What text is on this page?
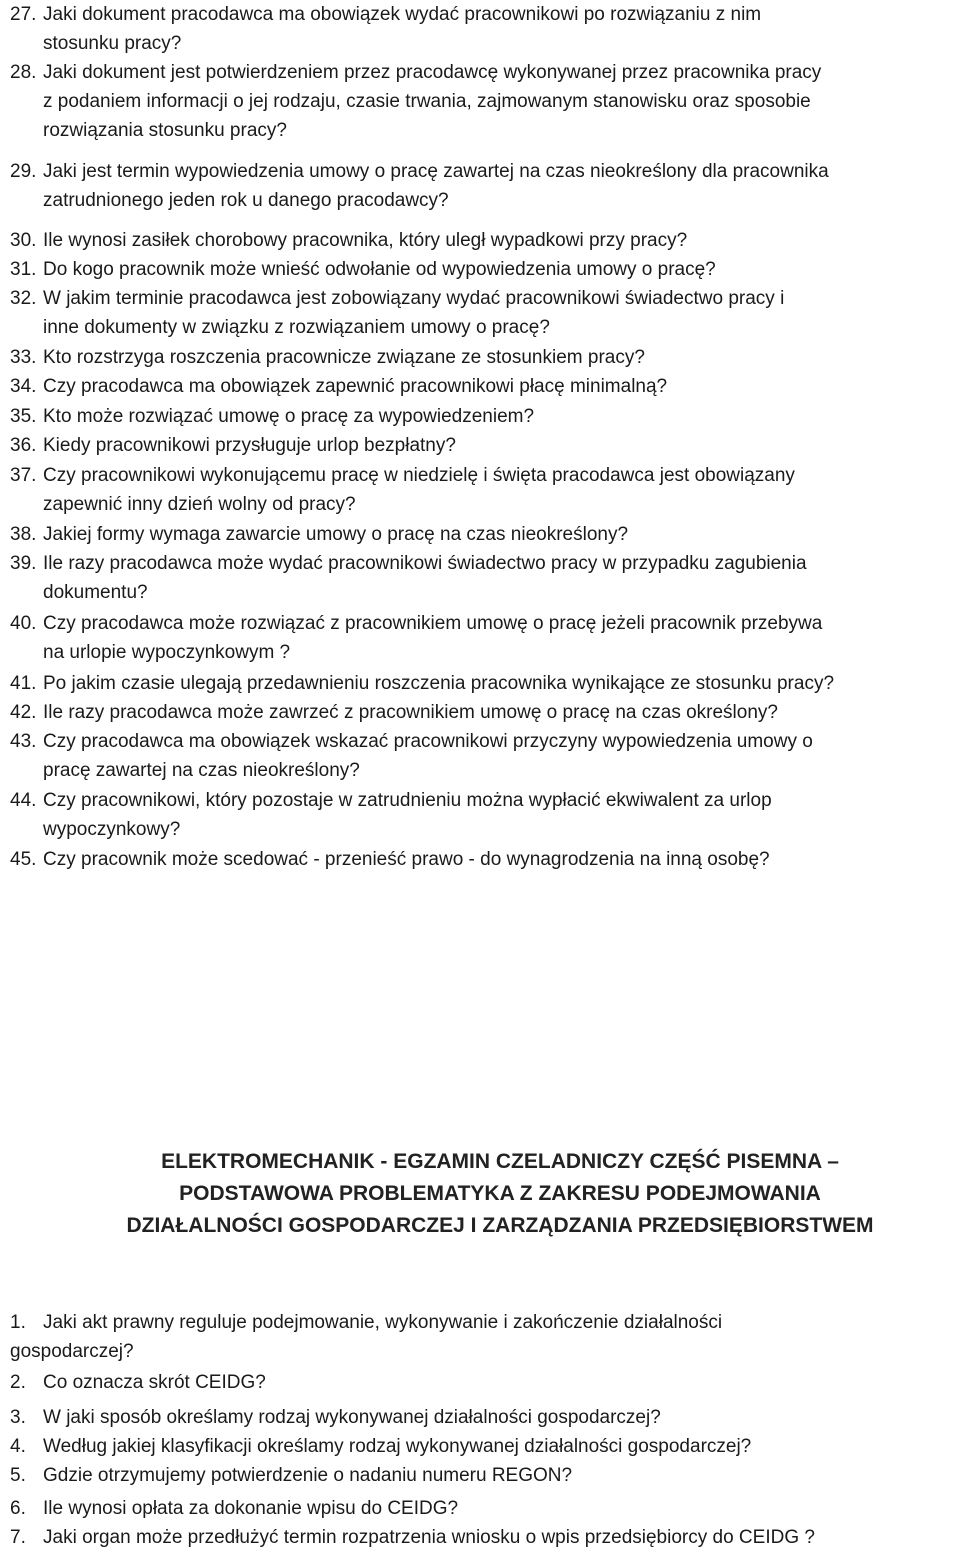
27. Jaki dokument pracodawca ma obowiązek wydać pracownikowi po rozwiązaniu z nim
stosunku pracy?
28. Jaki dokument jest potwierdzeniem przez pracodawcę wykonywanej przez pracownika pracy
z podaniem informacji o jej rodzaju, czasie trwania, zajmowanym stanowisku oraz sposobie
rozwiązania stosunku pracy?
29. Jaki jest termin wypowiedzenia umowy o pracę zawartej na czas nieokreślony dla pracownika
zatrudnionego jeden rok u danego pracodawcy?
30. Ile wynosi zasiłek chorobowy pracownika, który uległ wypadkowi przy pracy?
31. Do kogo pracownik może wnieść odwołanie od wypowiedzenia umowy o pracę?
32. W jakim terminie pracodawca jest zobowiązany wydać pracownikowi świadectwo pracy i
inne dokumenty w związku z rozwiązaniem umowy o pracę?
33. Kto rozstrzyga roszczenia pracownicze związane ze stosunkiem pracy?
34. Czy pracodawca ma obowiązek zapewnić pracownikowi płacę minimalną?
35. Kto może rozwiązać umowę o pracę za wypowiedzeniem?
36. Kiedy pracownikowi przysługuje urlop bezpłatny?
37. Czy pracownikowi wykonującemu pracę w niedzielę i święta pracodawca jest obowiązany
zapewnić inny dzień wolny od pracy?
38. Jakiej formy wymaga zawarcie umowy o pracę na czas nieokreślony?
39. Ile razy pracodawca może wydać pracownikowi świadectwo pracy w przypadku zagubienia
dokumentu?
40. Czy pracodawca może rozwiązać z pracownikiem umowę o pracę jeżeli pracownik przebywa
na urlopie wypoczynkowym ?
41. Po jakim czasie ulegają przedawnieniu roszczenia pracownika wynikające ze stosunku pracy?
42. Ile razy pracodawca może zawrzeć z pracownikiem umowę o pracę na czas określony?
43. Czy pracodawca ma obowiązek wskazać pracownikowi przyczyny wypowiedzenia umowy o
pracę zawartej na czas nieokreślony?
44. Czy pracownikowi, który pozostaje w zatrudnieniu można wypłacić ekwiwalent za urlop
wypoczynkowy?
45. Czy pracownik może scedować - przenieść prawo - do wynagrodzenia na inną osobę?
ELEKTROMECHANIK - EGZAMIN CZELADNICZY CZĘŚĆ PISEMNA –
PODSTAWOWA PROBLEMATYKA Z ZAKRESU PODEJMOWANIA
DZIAŁALNOŚCI GOSPODARCZEJ I ZARZĄDZANIA PRZEDSIĘBIORSTWEM
1. Jaki akt prawny reguluje podejmowanie, wykonywanie i zakończenie działalności
gospodarczej?
2. Co oznacza skrót CEIDG?
3. W jaki sposób określamy rodzaj wykonywanej działalności gospodarczej?
4. Według jakiej klasyfikacji określamy rodzaj wykonywanej działalności gospodarczej?
5. Gdzie otrzymujemy potwierdzenie o nadaniu numeru REGON?
6. Ile wynosi opłata za dokonanie wpisu do CEIDG?
7. Jaki organ może przedłużyć termin rozpatrzenia wniosku o wpis przedsiębiorcy do CEIDG ?
